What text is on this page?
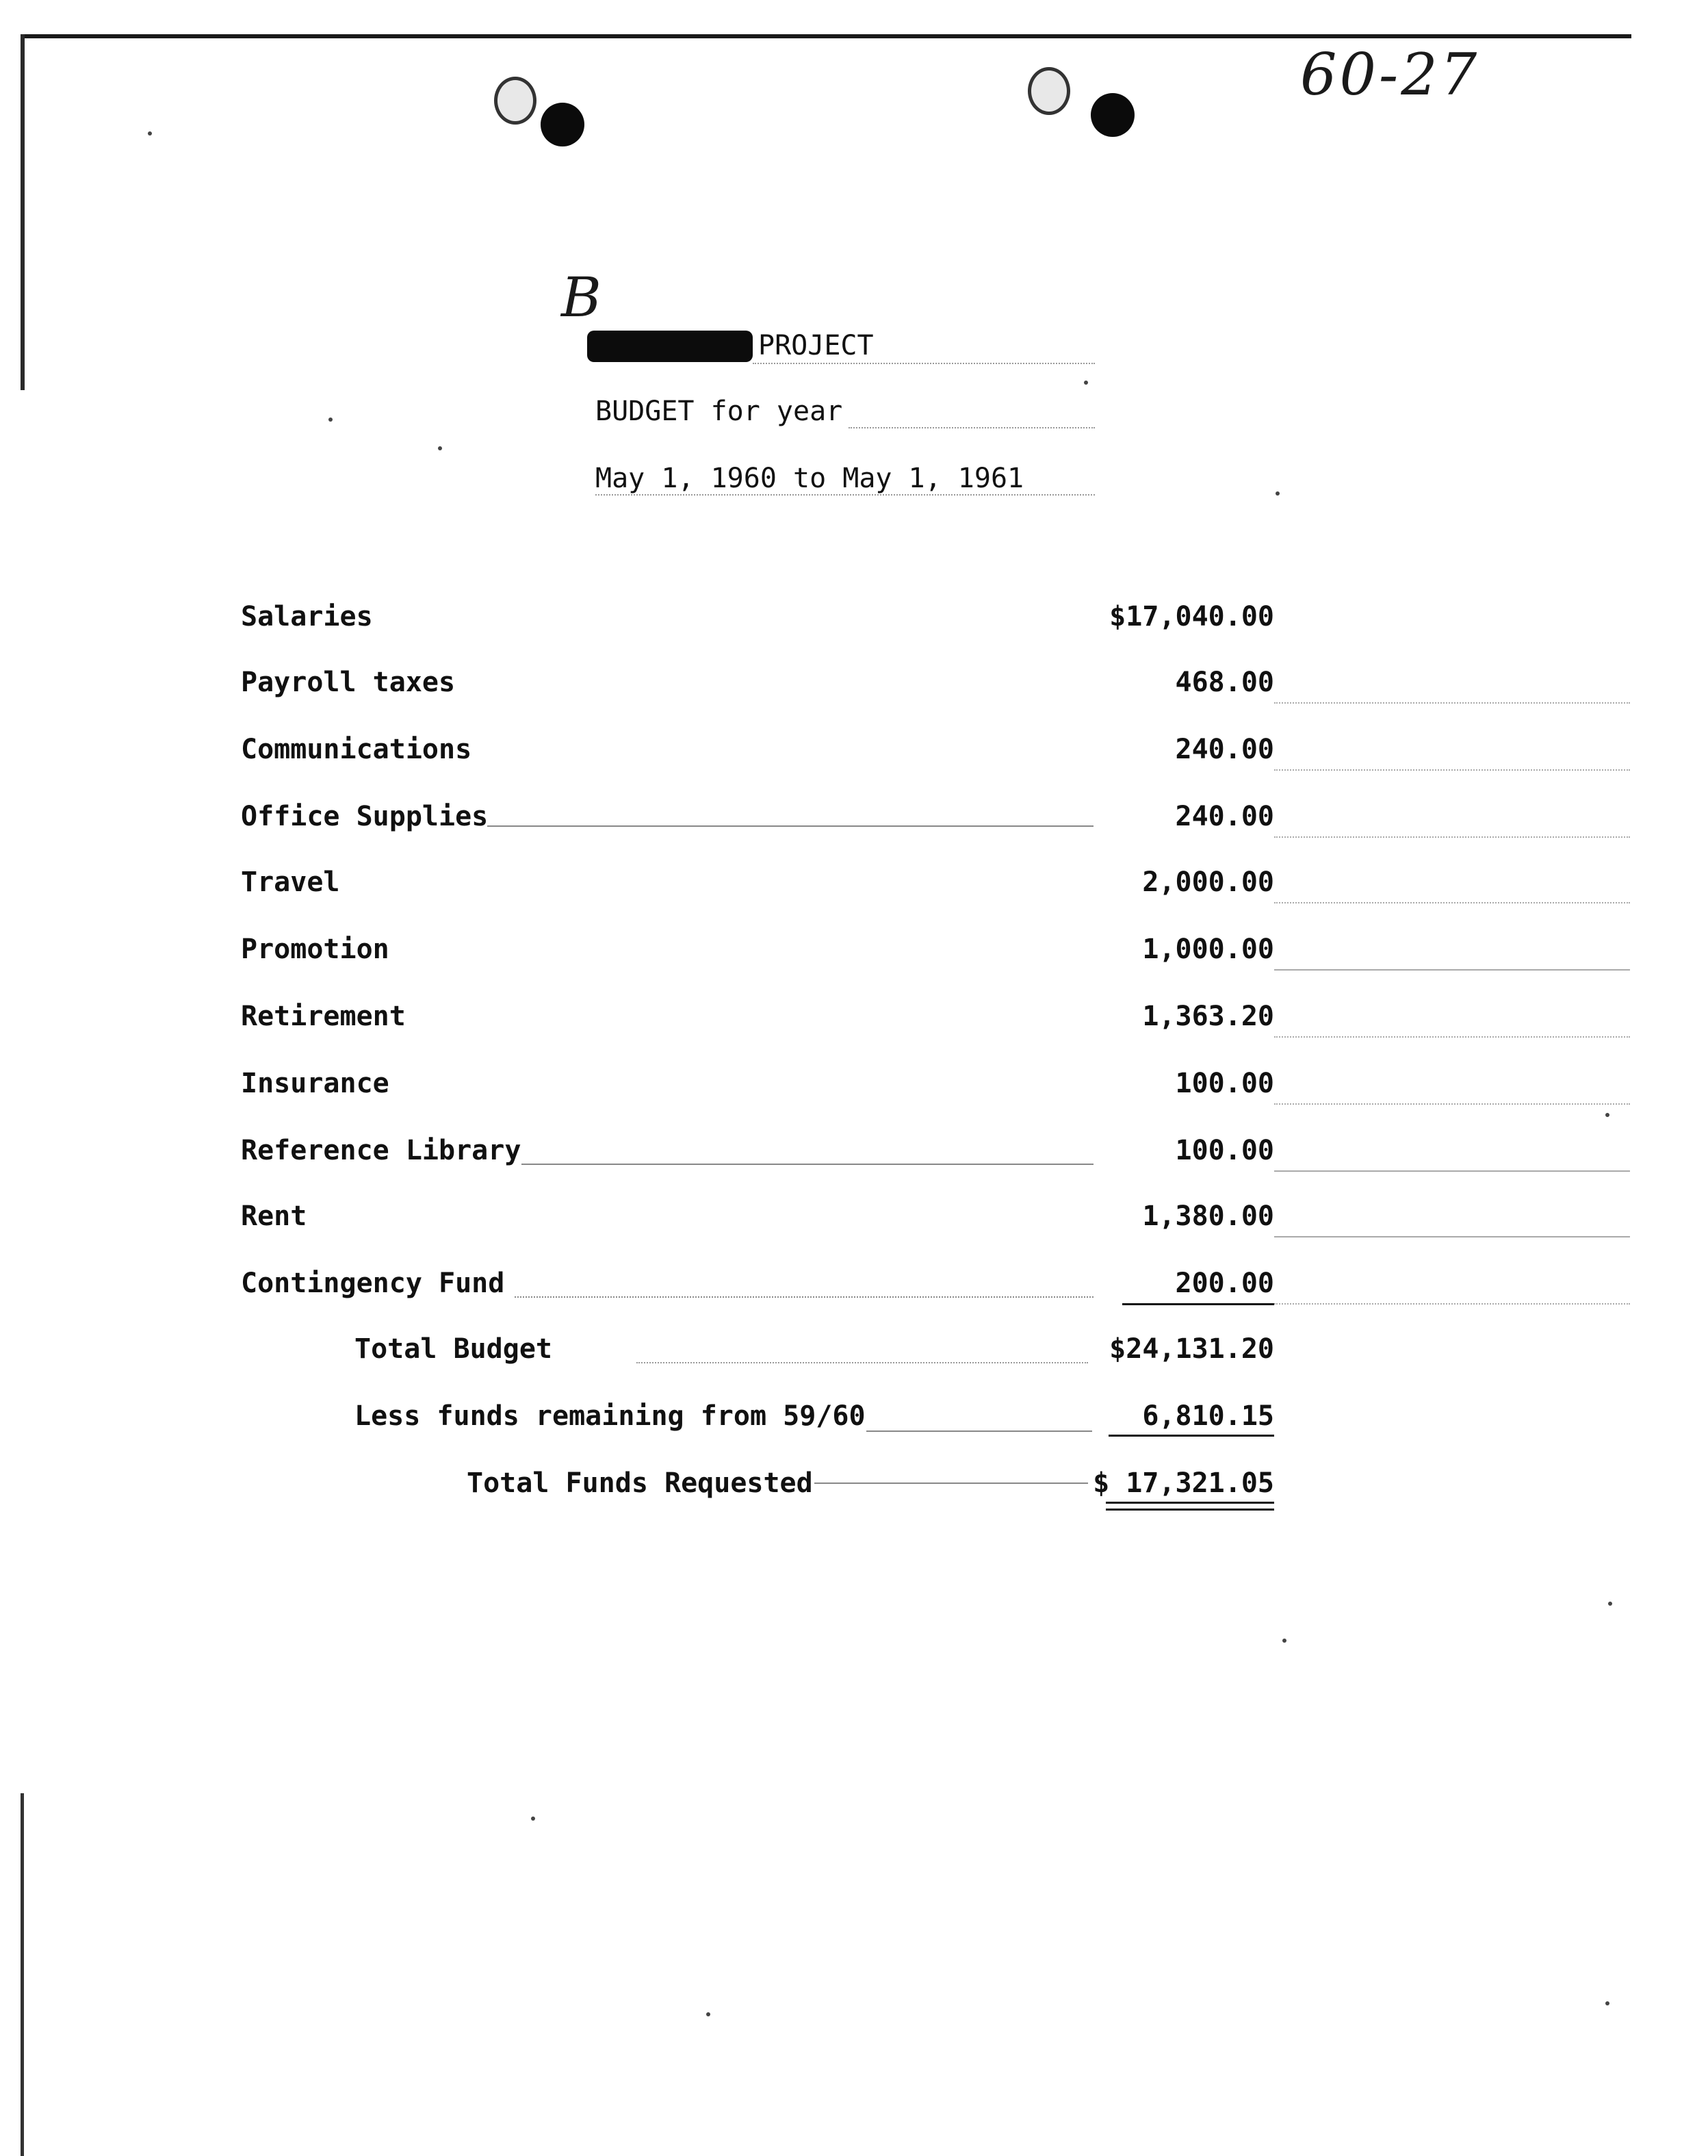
60-27
B
PROJECT
BUDGET for year
May 1, 1960 to May 1, 1961
Salaries	$17,040.00
Payroll taxes	468.00
Communications	240.00
Office Supplies	240.00
Travel	2,000.00
Promotion	1,000.00
Retirement	1,363.20
Insurance	100.00
Reference Library	100.00
Rent	1,380.00
Contingency Fund	200.00
Total Budget	$24,131.20
Less funds remaining from 59/60	6,810.15
Total Funds Requested	$ 17,321.05
